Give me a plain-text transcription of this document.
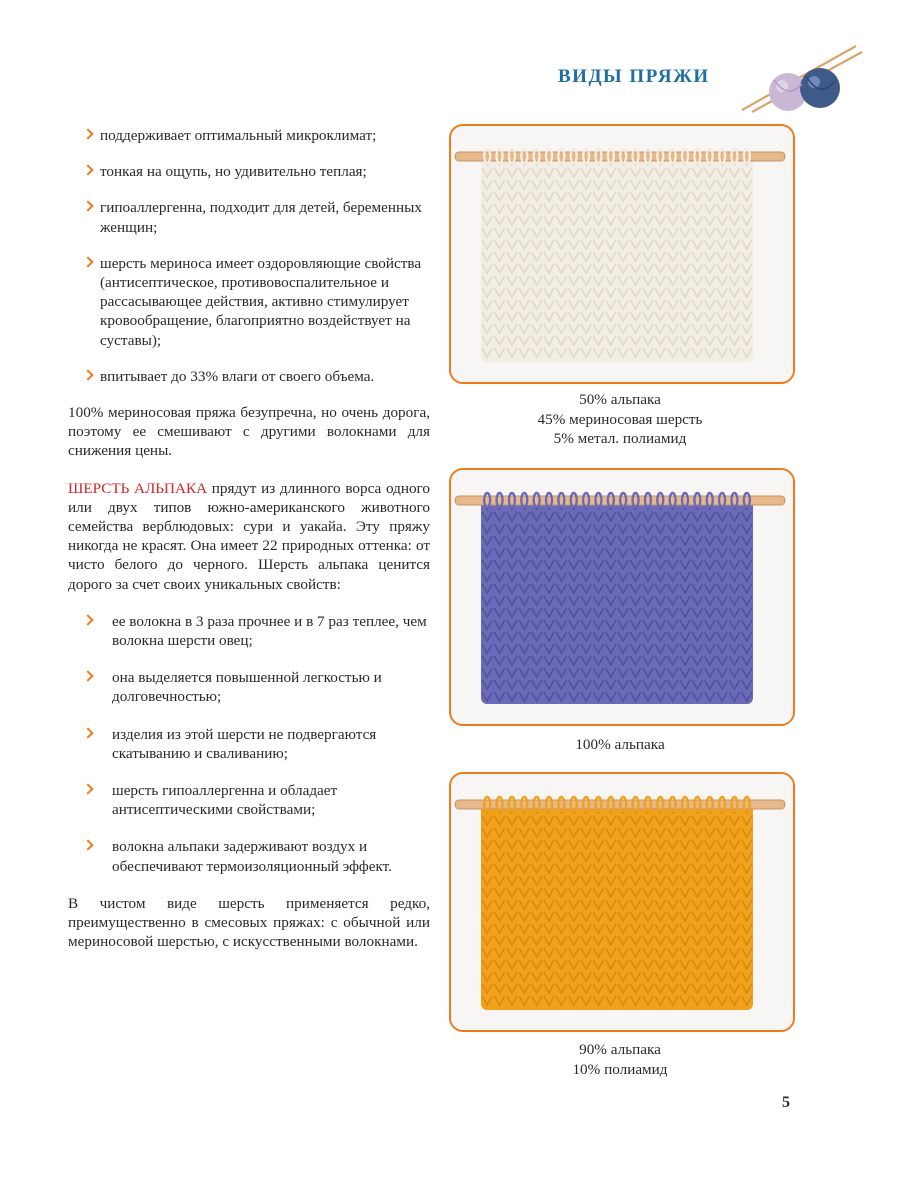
ВИДЫ ПРЯЖИ
поддерживает оптимальный микроклимат;
тонкая на ощупь, но удивительно теплая;
гипоаллергенна, подходит для детей, беременных женщин;
шерсть мериноса имеет оздоровляющие свойства (антисептическое, противовоспалительное и рассасывающее действия, активно стимулирует кровообращение, благоприятно воздействует на суставы);
впитывает до 33% влаги от своего объема.

100% мериносовая пряжа безупречна, но очень дорога, поэтому ее смешивают с другими волокнами для снижения цены.

ШЕРСТЬ АЛЬПАКА прядут из длинного ворса одного или двух типов южно-американского животного семейства верблюдовых: сури и уакайа. Эту пряжу никогда не красят. Она имеет 22 природных оттенка: от чисто белого до черного. Шерсть альпака ценится дорого за счет своих уникальных свойств:

ее волокна в 3 раза прочнее и в 7 раз теплее, чем волокна шерсти овец;
она выделяется повышенной легкостью и долговечностью;
изделия из этой шерсти не подвергаются скатыванию и сваливанию;
шерсть гипоаллергенна и обладает антисептическими свойствами;
волокна альпаки задерживают воздух и обеспечивают термоизоляционный эффект.

В чистом виде шерсть применяется редко, преимущественно в смесовых пряжах: с обычной или мериносовой шерстью, с искусственными волокнами.

50% альпака
45% мериносовая шерсть
5% метал. полиамид
100% альпака
90% альпака
10% полиамид
5
